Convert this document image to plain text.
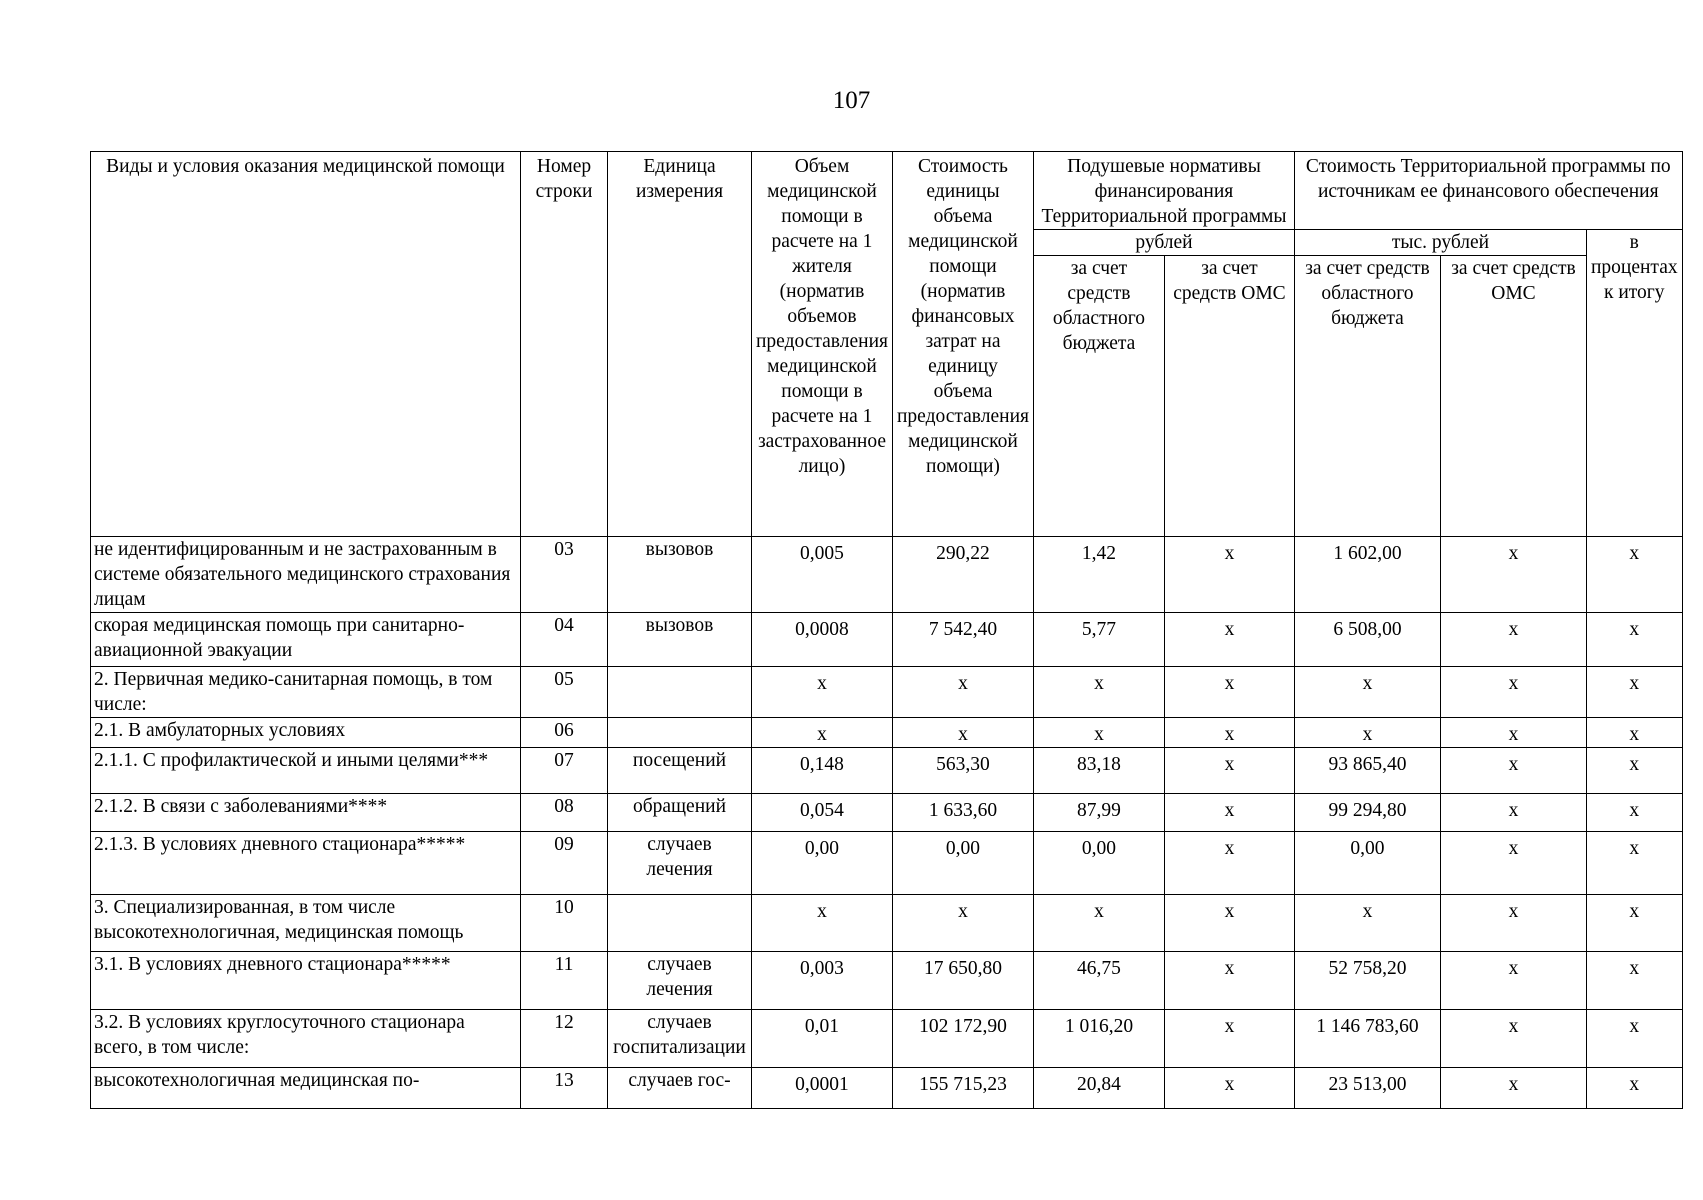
107
Виды и условия оказания медицинской помощи	Номер строки	Единица измерения	Объем медицинской помощи в расчете на 1 жителя (норматив объемов предоставления медицинской помощи в расчете на 1 застрахованное лицо)	Стоимость единицы объема медицинской помощи (норматив финансовых затрат на единицу объема предоставления медицинской помощи)	Подушевые нормативы финансирования Территориальной программы		Стоимость Территориальной программы по источникам ее финансового обеспечения		
					рублей		тыс. рублей		в процентах к итогу
					за счет средств областного бюджета	за счет средств ОМС	за счет средств областного бюджета	за счет средств ОМС	
не идентифицированным и не застрахованным в системе обязательного медицинского страхования лицам	03	вызовов	0,005	290,22	1,42	х	1 602,00	х	х
скорая медицинская помощь при санитарно-авиационной эвакуации	04	вызовов	0,0008	7 542,40	5,77	х	6 508,00	х	х
2. Первичная медико-санитарная помощь, в том числе:	05		х	х	х	х	х	х	х
2.1. В амбулаторных условиях	06		х	х	х	х	х	х	х
2.1.1. С профилактической и иными целями***	07	посещений	0,148	563,30	83,18	х	93 865,40	х	х
2.1.2. В связи с заболеваниями****	08	обращений	0,054	1 633,60	87,99	х	99 294,80	х	х
2.1.3. В условиях дневного стационара*****	09	случаев лечения	0,00	0,00	0,00	х	0,00	х	х
3. Специализированная, в том числе высокотехнологичная, медицинская помощь	10		х	х	х	х	х	х	х
3.1. В условиях дневного стационара*****	11	случаев лечения	0,003	17 650,80	46,75	х	52 758,20	х	х
3.2. В условиях круглосуточного стационара всего, в том числе:	12	случаев госпитализации	0,01	102 172,90	1 016,20	х	1 146 783,60	х	х
высокотехнологичная медицинская по-	13	случаев гос-	0,0001	155 715,23	20,84	х	23 513,00	х	х
